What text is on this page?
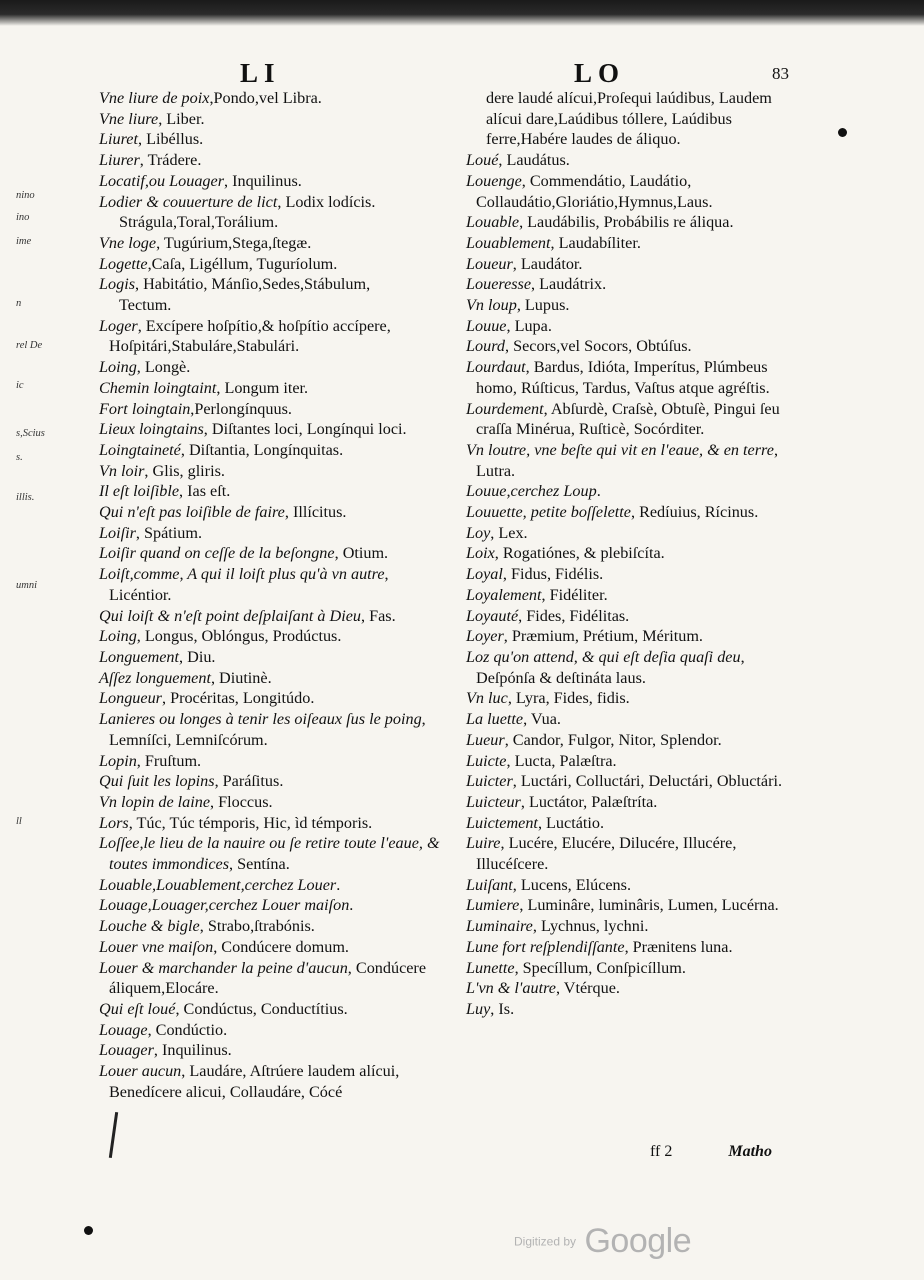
LI	LO	83
nino
ino
ime
n
rel De
ic
s,Scius
s.
illis.
umni
ll

Vne liure de poix,Pondo,vel Libra.

Vne liure, Liber.

Liuret, Libéllus.

Liurer, Trádere.

Locatif,ou Louager, Inquilinus.

Lodier & couuerture de lict, Lodix lodícis.

Strágula,Toral,Torálium.

Vne loge, Tugúrium,Stega,ſtegæ.

Logette,Caſa, Ligéllum, Tuguríolum.

Logis, Habitátio, Mánſio,Sedes,Stábulum,

Tectum.

Loger, Excípere hoſpítio,& hoſpítio accípere, Hoſpitári,Stabuláre,Stabulári.

Loing, Longè.

Chemin loingtaint, Longum iter.

Fort loingtain,Perlongínquus.

Lieux loingtains, Diſtantes loci, Longínqui loci.

Loingtaineté, Diſtantia, Longínquitas.

Vn loir, Glis, gliris.

Il eſt loiſible, Ias eſt.

Qui n'eſt pas loiſible de faire, Illícitus.

Loiſir, Spátium.

Loiſir quand on ceſſe de la beſongne, Otium.

Loiſt,comme, A qui il loiſt plus qu'à vn autre, Licéntior.

Qui loiſt & n'eſt point deſplaiſant à Dieu, Fas.

Loing, Longus, Oblóngus, Prodúctus.

Longuement, Diu.

Aſſez longuement, Diutinè.

Longueur, Procéritas, Longitúdo.

Lanieres ou longes à tenir les oiſeaux ſus le poing, Lemníſci, Lemniſcórum.

Lopin, Fruſtum.

Qui ſuit les lopins, Paráſitus.

Vn lopin de laine, Floccus.

Lors, Túc, Túc témporis, Hic, ìd témporis.

Loſſee,le lieu de la nauire ou ſe retire toute l'eaue, & toutes immondices, Sentína.

Louable,Louablement,cerchez Louer.

Louage,Louager,cerchez Louer maiſon.

Louche & bigle, Strabo,ſtrabónis.

Louer vne maiſon, Condúcere domum.

Louer & marchander la peine d'aucun, Condúcere áliquem,Elocáre.

Qui eſt loué, Condúctus, Conductítius.

Louage, Condúctio.

Louager, Inquilinus.

Louer aucun, Laudáre, Aſtrúere laudem alícui, Benedícere alicui, Collaudáre, Cócé

dere laudé alícui,Proſequi laúdibus, Laudem alícui dare,Laúdibus tóllere, Laúdibus ferre,Habére laudes de áliquo.

Loué, Laudátus.

Louenge, Commendátio, Laudátio, Collaudátio,Gloriátio,Hymnus,Laus.

Louable, Laudábilis, Probábilis re áliqua.

Louablement, Laudabíliter.

Loueur, Laudátor.

Loueresse, Laudátrix.

Vn loup, Lupus.

Louue, Lupa.

Lourd, Secors,vel Socors, Obtúſus.

Lourdaut, Bardus, Idióta, Imperítus, Plúmbeus homo, Rúſticus, Tardus, Vaſtus atque agréſtis.

Lourdement, Abſurdè, Craſsè, Obtuſè, Pingui ſeu craſſa Minérua, Ruſticè, Socórditer.

Vn loutre, vne beſte qui vit en l'eaue, & en terre, Lutra.

Louue,cerchez Loup.

Louuette, petite boſſelette, Redíuius, Rícinus.

Loy, Lex.

Loix, Rogatiónes, & plebiſcíta.

Loyal, Fidus, Fidélis.

Loyalement, Fidéliter.

Loyauté, Fides, Fidélitas.

Loyer, Præmium, Prétium, Méritum.

Loz qu'on attend, & qui eſt deſia quaſi deu, Deſpónſa & deſtináta laus.

Vn luc, Lyra, Fides, fidis.

La luette, Vua.

Lueur, Candor, Fulgor, Nitor, Splendor.

Luicte, Lucta, Palæſtra.

Luicter, Luctári, Colluctári, Deluctári, Obluctári.

Luicteur, Luctátor, Palæſtríta.

Luictement, Luctátio.

Luire, Lucére, Elucére, Dilucére, Illucére, Illucéſcere.

Luiſant, Lucens, Elúcens.

Lumiere, Luminâre, luminâris, Lumen, Lucérna.

Luminaire, Lychnus, lychni.

Lune fort reſplendiſſante, Prænitens luna.

Lunette, Specíllum, Conſpicíllum.

L'vn & l'autre, Vtérque.

Luy, Is.

ff 2	Matho
Digitized by Google
